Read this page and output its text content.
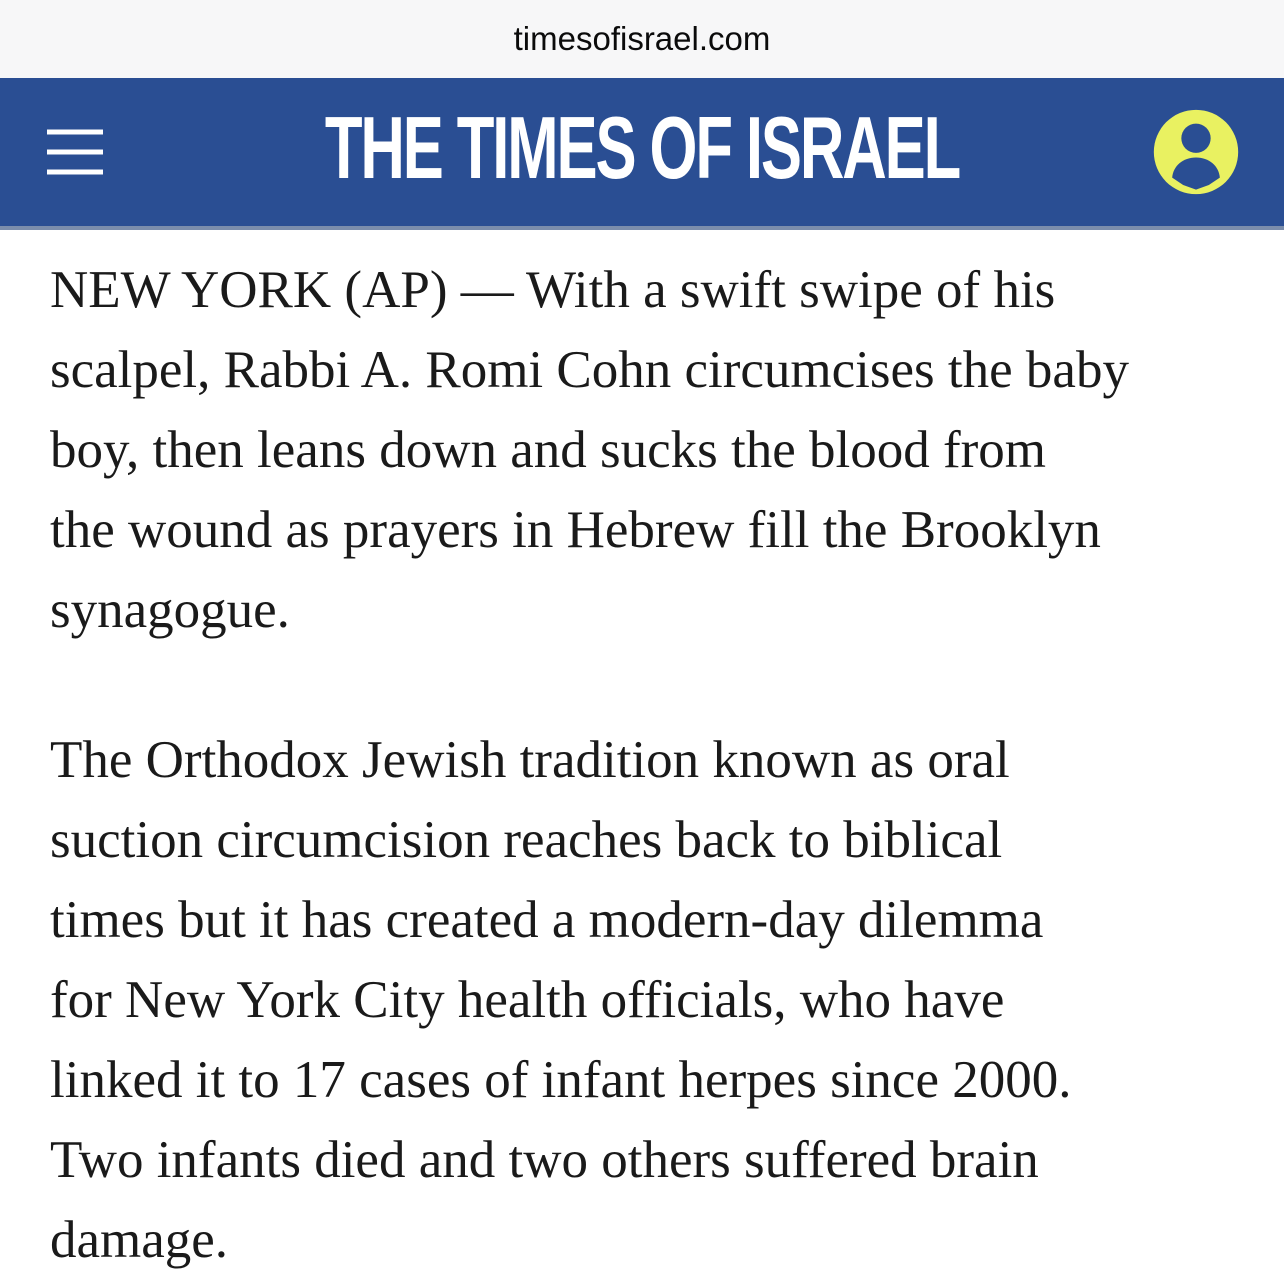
timesofisrael.com
THE TIMES OF ISRAEL

NEW YORK (AP) — With a swift swipe of his
scalpel, Rabbi A. Romi Cohn circumcises the baby
boy, then leans down and sucks the blood from
the wound as prayers in Hebrew fill the Brooklyn
synagogue.

The Orthodox Jewish tradition known as oral
suction circumcision reaches back to biblical
times but it has created a modern-day dilemma
for New York City health officials, who have
linked it to 17 cases of infant herpes since 2000.
Two infants died and two others suffered brain
damage.
